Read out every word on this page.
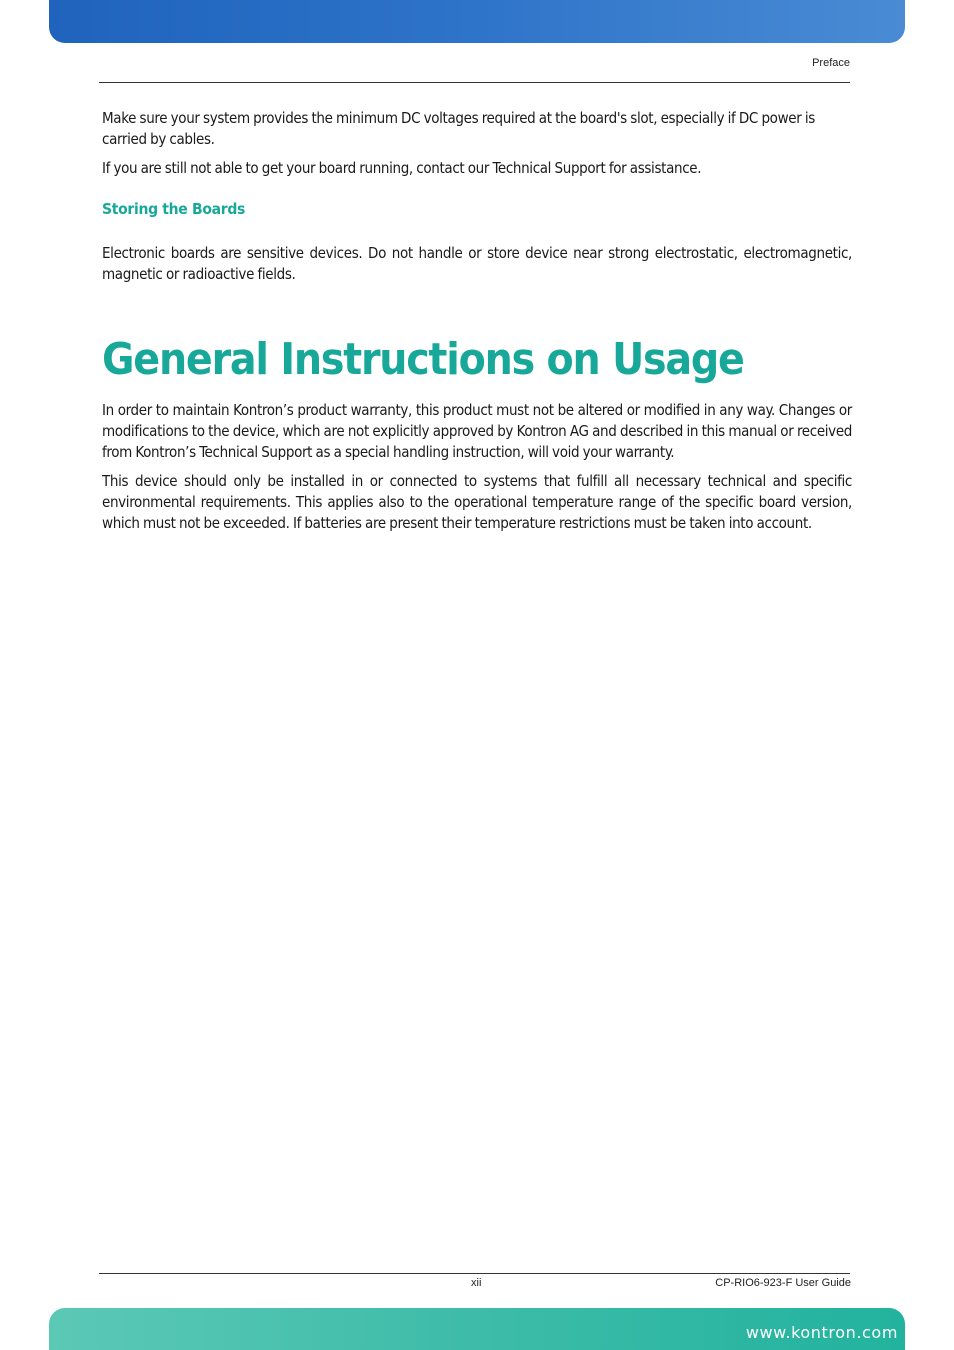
Preface

Make sure your system provides the minimum DC voltages required at the board's slot, especially if DC power is carried by cables.

If you are still not able to get your board running, contact our Technical Support for assistance.

Storing the Boards

Electronic boards are sensitive devices. Do not handle or store device near strong electrostatic, electromagnetic, magnetic or radioactive fields.

General Instructions on Usage

In order to maintain Kontron’s product warranty, this product must not be altered or modified in any way. Changes or modifications to the device, which are not explicitly approved by Kontron AG and described in this manual or received from Kontron’s Technical Support as a special handling instruction, will void your warranty.

This device should only be installed in or connected to systems that fulfill all necessary technical and specific environmental requirements. This applies also to the operational temperature range of the specific board version, which must not be exceeded. If batteries are present their temperature restrictions must be taken into account.

xii	CP-RIO6-923-F User Guide
www.kontron.com
